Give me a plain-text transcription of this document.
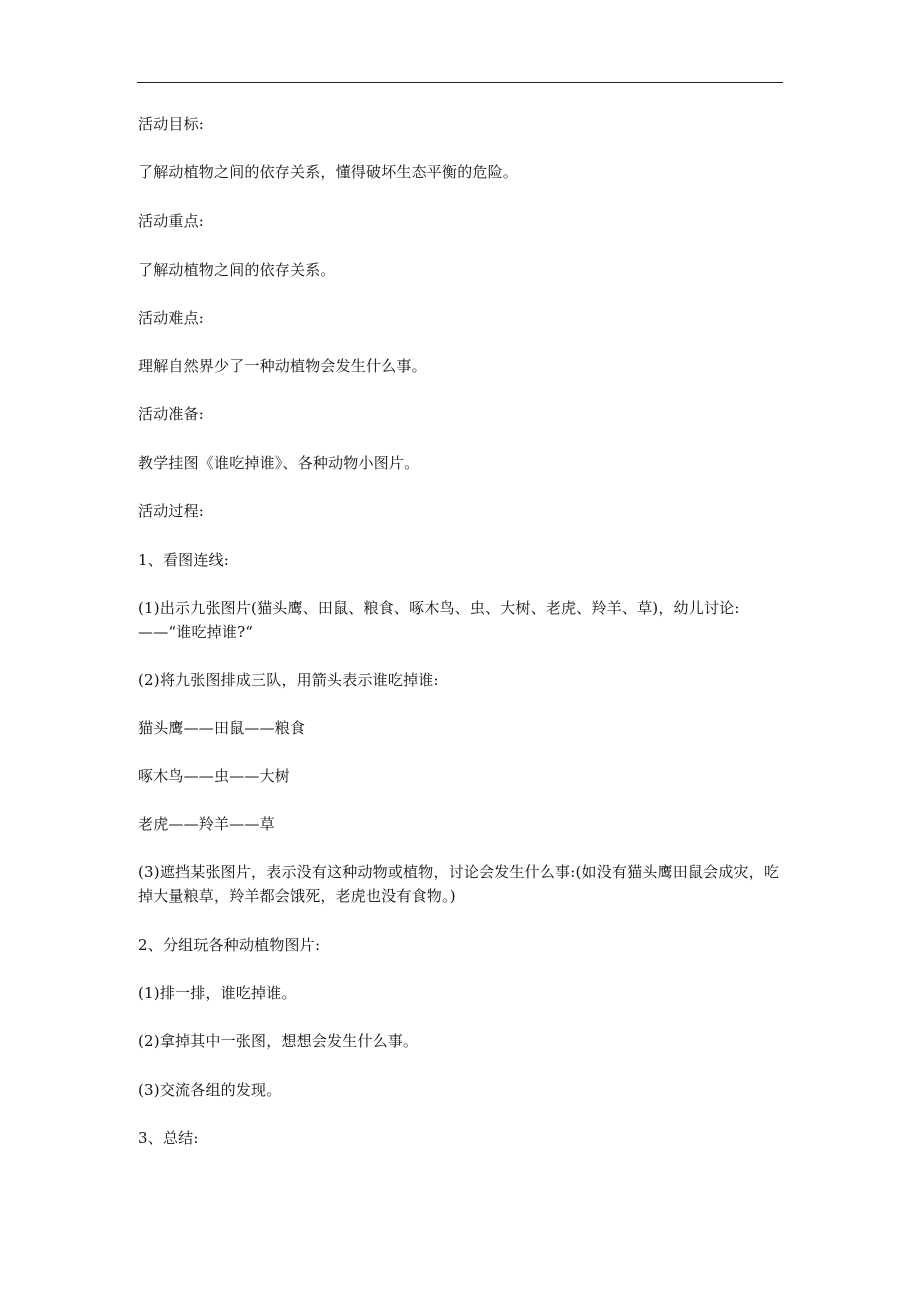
活动目标:
了解动植物之间的依存关系，懂得破坏生态平衡的危险。
活动重点:
了解动植物之间的依存关系。
活动难点:
理解自然界少了一种动植物会发生什么事。
活动准备:
教学挂图《谁吃掉谁》、各种动物小图片。
活动过程:
1、看图连线:
(1)出示九张图片(猫头鹰、田鼠、粮食、啄木鸟、虫、大树、老虎、羚羊、草)，幼儿讨论:——“谁吃掉谁?“
(2)将九张图排成三队，用箭头表示谁吃掉谁:
猫头鹰——田鼠——粮食
啄木鸟——虫——大树
老虎——羚羊——草
(3)遮挡某张图片，表示没有这种动物或植物，讨论会发生什么事:(如没有猫头鹰田鼠会成灾，吃掉大量粮草，羚羊都会饿死，老虎也没有食物。)
2、分组玩各种动植物图片:
(1)排一排，谁吃掉谁。
(2)拿掉其中一张图，想想会发生什么事。
(3)交流各组的发现。
3、总结:
